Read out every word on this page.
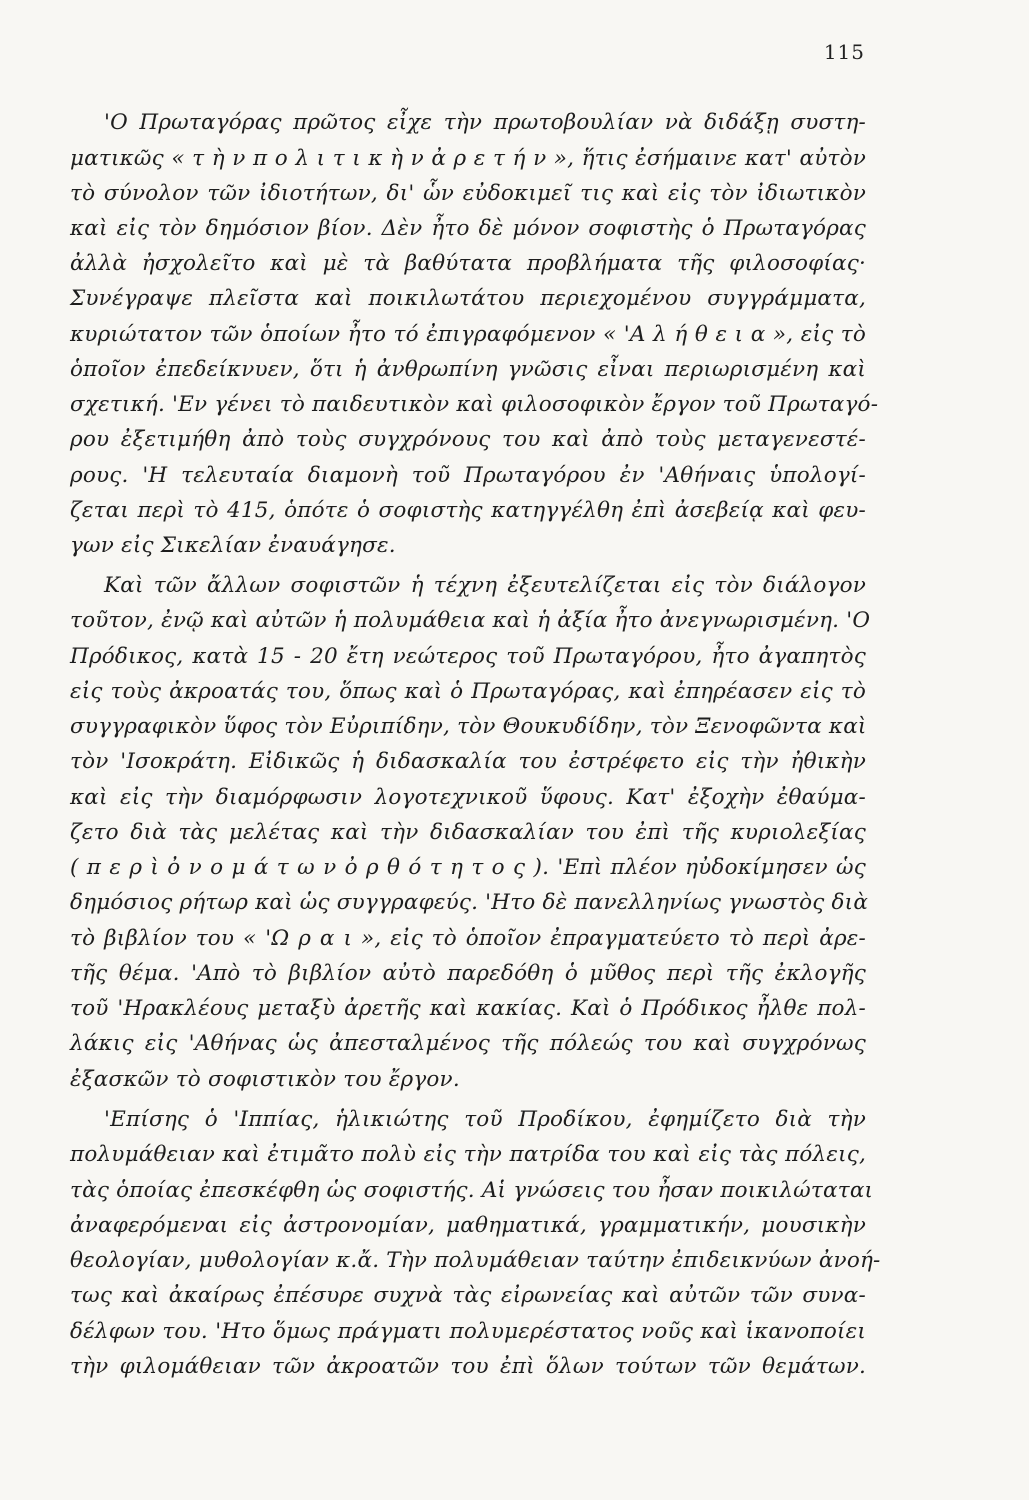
115
'Ο Πρωταγόρας πρῶτος εἶχε τὴν πρωτοβουλίαν νὰ διδάξῃ συστη-
ματικῶς « τ ὴ ν π ο λ ι τ ι κ ὴ ν ἀ ρ ε τ ή ν », ἥτις ἐσήμαινε κατ' αὐτὸν
τὸ σύνολον τῶν ἰδιοτήτων, δι' ὧν εὐδοκιμεῖ τις καὶ εἰς τὸν ἰδιωτικὸν
καὶ εἰς τὸν δημόσιον βίον. Δὲν ἦτο δὲ μόνον σοφιστὴς ὁ Πρωταγόρας
ἀλλὰ ἠσχολεῖτο καὶ μὲ τὰ βαθύτατα προβλήματα τῆς φιλοσοφίας·
Συνέγραψε πλεῖστα καὶ ποικιλωτάτου περιεχομένου συγγράμματα,
κυριώτατον τῶν ὁποίων ἦτο τό ἐπιγραφόμενον « 'Α λ ή θ ε ι α », εἰς τὸ
ὁποῖον ἐπεδείκνυεν, ὅτι ἡ ἀνθρωπίνη γνῶσις εἶναι περιωρισμένη καὶ
σχετική. 'Εν γένει τὸ παιδευτικὸν καὶ φιλοσοφικὸν ἔργον τοῦ Πρωταγό-
ρου ἐξετιμήθη ἀπὸ τοὺς συγχρόνους του καὶ ἀπὸ τοὺς μεταγενεστέ-
ρους. 'Η τελευταία διαμονὴ τοῦ Πρωταγόρου ἐν 'Αθήναις ὑπολογί-
ζεται περὶ τὸ 415, ὁπότε ὁ σοφιστὴς κατηγγέλθη ἐπὶ ἀσεβείᾳ καὶ φευ-
γων εἰς Σικελίαν ἐναυάγησε.
Καὶ τῶν ἄλλων σοφιστῶν ἡ τέχνη ἐξευτελίζεται εἰς τὸν διάλογον
τοῦτον, ἐνῷ καὶ αὐτῶν ἡ πολυμάθεια καὶ ἡ ἀξία ἦτο ἀνεγνωρισμένη. 'Ο
Πρόδικος, κατὰ 15 - 20 ἔτη νεώτερος τοῦ Πρωταγόρου, ἦτο ἀγαπητὸς
εἰς τοὺς ἀκροατάς του, ὅπως καὶ ὁ Πρωταγόρας, καὶ ἐπηρέασεν εἰς τὸ
συγγραφικὸν ὕφος τὸν Εὐριπίδην, τὸν Θουκυδίδην, τὸν Ξενοφῶντα καὶ
τὸν 'Ισοκράτη. Εἰδικῶς ἡ διδασκαλία του ἐστρέφετο εἰς τὴν ἠθικὴν
καὶ εἰς τὴν διαμόρφωσιν λογοτεχνικοῦ ὕφους. Κατ' ἐξοχὴν ἐθαύμα-
ζετο διὰ τὰς μελέτας καὶ τὴν διδασκαλίαν του ἐπὶ τῆς κυριολεξίας
( π ε ρ ὶ ὀ ν ο μ ά τ ω ν ὀ ρ θ ό τ η τ ο ς ). 'Επὶ πλέον ηὐδοκίμησεν ὡς
δημόσιος ρήτωρ καὶ ὡς συγγραφεύς. 'Ητο δὲ πανελληνίως γνωστὸς διὰ
τὸ βιβλίον του « 'Ω ρ α ι », εἰς τὸ ὁποῖον ἐπραγματεύετο τὸ περὶ ἀρε-
τῆς θέμα. 'Απὸ τὸ βιβλίον αὐτὸ παρεδόθη ὁ μῦθος περὶ τῆς ἐκλογῆς
τοῦ 'Ηρακλέους μεταξὺ ἀρετῆς καὶ κακίας. Καὶ ὁ Πρόδικος ἦλθε πολ-
λάκις εἰς 'Αθήνας ὡς ἀπεσταλμένος τῆς πόλεώς του καὶ συγχρόνως
ἐξασκῶν τὸ σοφιστικὸν του ἔργον.
'Επίσης ὁ 'Ιππίας, ἡλικιώτης τοῦ Προδίκου, ἐφημίζετο διὰ τὴν
πολυμάθειαν καὶ ἐτιμᾶτο πολὺ εἰς τὴν πατρίδα του καὶ εἰς τὰς πόλεις,
τὰς ὁποίας ἐπεσκέφθη ὡς σοφιστής. Αἱ γνώσεις του ἦσαν ποικιλώταται
ἀναφερόμεναι εἰς ἀστρονομίαν, μαθηματικά, γραμματικήν, μουσικὴν
θεολογίαν, μυθολογίαν κ.ἄ. Τὴν πολυμάθειαν ταύτην ἐπιδεικνύων ἀνοή-
τως καὶ ἀκαίρως ἐπέσυρε συχνὰ τὰς εἰρωνείας καὶ αὐτῶν τῶν συνα-
δέλφων του. 'Ητο ὅμως πράγματι πολυμερέστατος νοῦς καὶ ἱκανοποίει
τὴν φιλομάθειαν τῶν ἀκροατῶν του ἐπὶ ὅλων τούτων τῶν θεμάτων.
